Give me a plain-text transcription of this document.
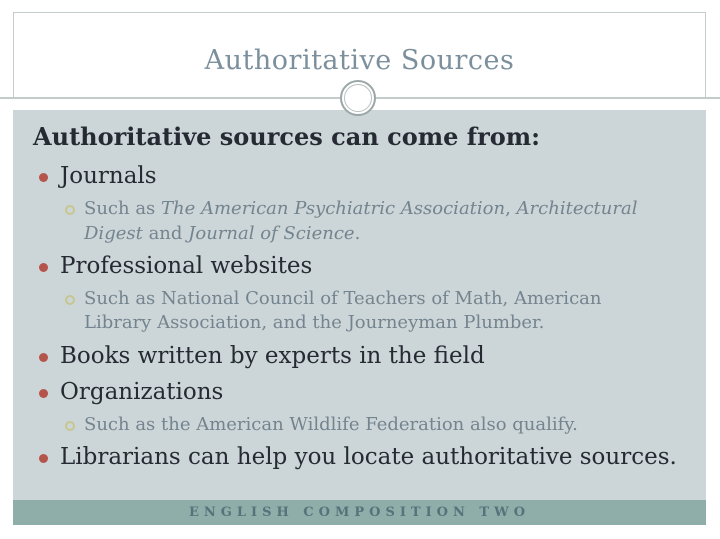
Authoritative Sources
Authoritative sources can come from:
Journals
Such as The American Psychiatric Association, Architectural Digest and Journal of Science.
Professional websites
Such as National Council of Teachers of Math, American Library Association, and the Journeyman Plumber.
Books written by experts in the field
Organizations
Such as the American Wildlife Federation also qualify.
Librarians can help you locate authoritative sources.
ENGLISH COMPOSITION TWO
